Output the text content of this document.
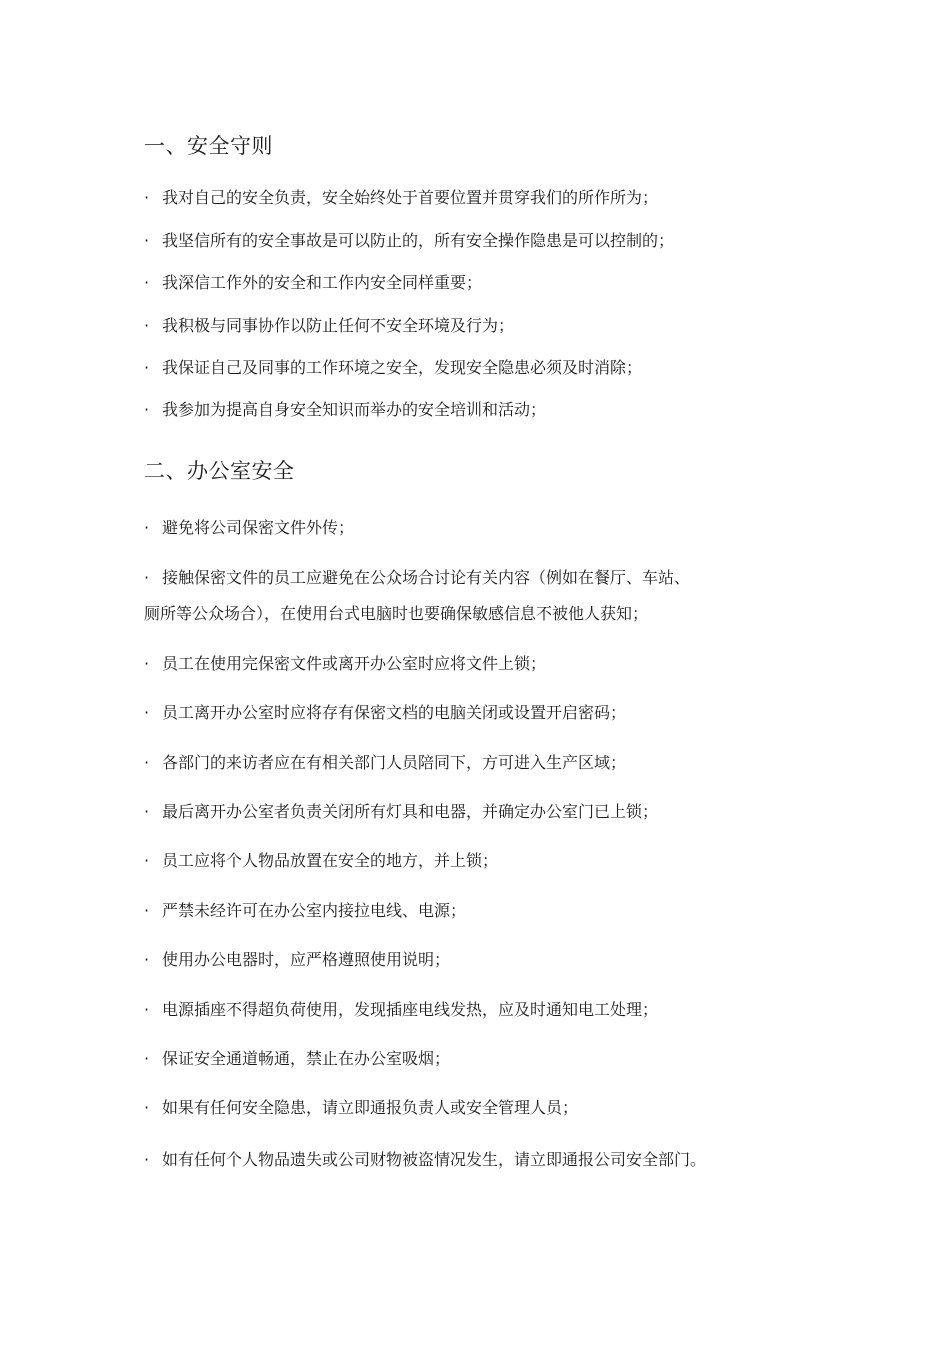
一、安全守则
· 我对自己的安全负责，安全始终处于首要位置并贯穿我们的所作所为；
· 我坚信所有的安全事故是可以防止的，所有安全操作隐患是可以控制的；
· 我深信工作外的安全和工作内安全同样重要；
· 我积极与同事协作以防止任何不安全环境及行为；
· 我保证自己及同事的工作环境之安全，发现安全隐患必须及时消除；
· 我参加为提高自身安全知识而举办的安全培训和活动；
二、办公室安全
· 避免将公司保密文件外传；
· 接触保密文件的员工应避免在公众场合讨论有关内容（例如在餐厅、车站、
厕所等公众场合），在使用台式电脑时也要确保敏感信息不被他人获知；
· 员工在使用完保密文件或离开办公室时应将文件上锁；
· 员工离开办公室时应将存有保密文档的电脑关闭或设置开启密码；
· 各部门的来访者应在有相关部门人员陪同下，方可进入生产区域；
· 最后离开办公室者负责关闭所有灯具和电器，并确定办公室门已上锁；
· 员工应将个人物品放置在安全的地方，并上锁；
· 严禁未经许可在办公室内接拉电线、电源；
· 使用办公电器时，应严格遵照使用说明；
· 电源插座不得超负荷使用，发现插座电线发热，应及时通知电工处理；
· 保证安全通道畅通，禁止在办公室吸烟；
· 如果有任何安全隐患，请立即通报负责人或安全管理人员；
· 如有任何个人物品遗失或公司财物被盗情况发生，请立即通报公司安全部门。
